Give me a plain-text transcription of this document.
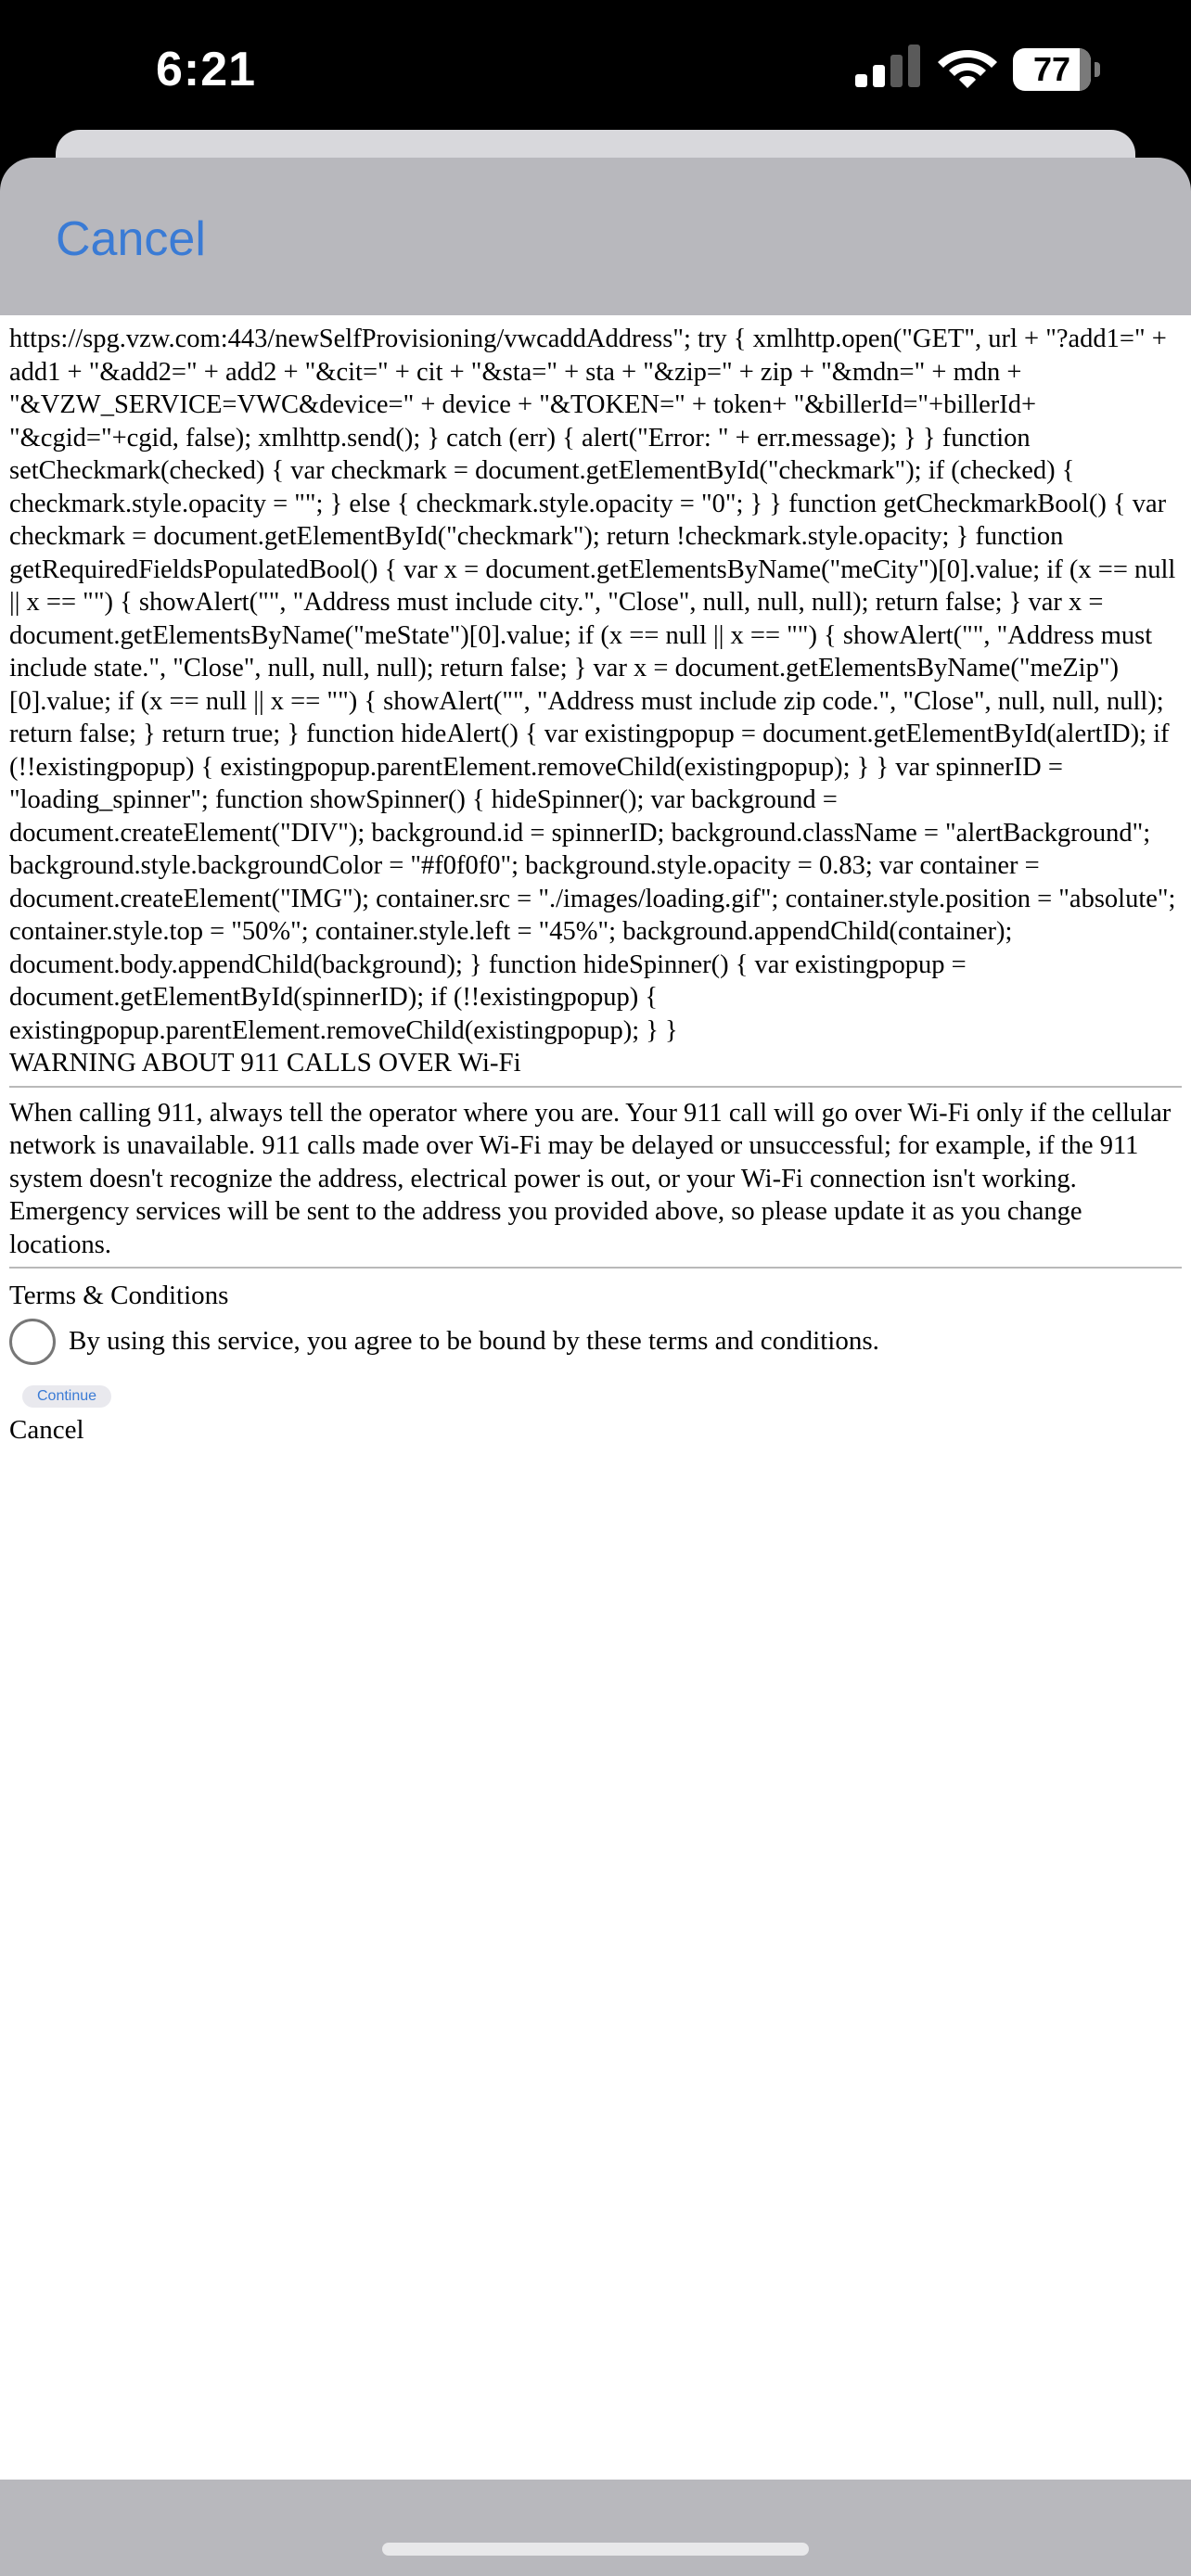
6:21	77
Cancel
https://spg.vzw.com:443/newSelfProvisioning/vwcaddAddress"; try { xmlhttp.open("GET", url + "?add1=" + add1 + "&add2=" + add2 + "&cit=" + cit + "&sta=" + sta + "&zip=" + zip + "&mdn=" + mdn + "&VZW_SERVICE=VWC&device=" + device + "&TOKEN=" + token+ "&billerId="+billerId+ "&cgid="+cgid, false); xmlhttp.send(); } catch (err) { alert("Error: " + err.message); } } function setCheckmark(checked) { var checkmark = document.getElementById("checkmark"); if (checked) { checkmark.style.opacity = ""; } else { checkmark.style.opacity = "0"; } } function getCheckmarkBool() { var checkmark = document.getElementById("checkmark"); return !checkmark.style.opacity; } function getRequiredFieldsPopulatedBool() { var x = document.getElementsByName("meCity")[0].value; if (x == null || x == "") { showAlert("", "Address must include city.", "Close", null, null, null); return false; } var x = document.getElementsByName("meState")[0].value; if (x == null || x == "") { showAlert("", "Address must include state.", "Close", null, null, null); return false; } var x = document.getElementsByName("meZip")[0].value; if (x == null || x == "") { showAlert("", "Address must include zip code.", "Close", null, null, null); return false; } return true; } function hideAlert() { var existingpopup = document.getElementById(alertID); if (!!existingpopup) { existingpopup.parentElement.removeChild(existingpopup); } } var spinnerID = "loading_spinner"; function showSpinner() { hideSpinner(); var background = document.createElement("DIV"); background.id = spinnerID; background.className = "alertBackground"; background.style.backgroundColor = "#f0f0f0"; background.style.opacity = 0.83; var container = document.createElement("IMG"); container.src = "./images/loading.gif"; container.style.position = "absolute"; container.style.top = "50%"; container.style.left = "45%"; background.appendChild(container); document.body.appendChild(background); } function hideSpinner() { var existingpopup = document.getElementById(spinnerID); if (!!existingpopup) { existingpopup.parentElement.removeChild(existingpopup); } }
WARNING ABOUT 911 CALLS OVER Wi-Fi
When calling 911, always tell the operator where you are. Your 911 call will go over Wi-Fi only if the cellular network is unavailable. 911 calls made over Wi-Fi may be delayed or unsuccessful; for example, if the 911 system doesn't recognize the address, electrical power is out, or your Wi-Fi connection isn't working. Emergency services will be sent to the address you provided above, so please update it as you change locations.
Terms & Conditions
By using this service, you agree to be bound by these terms and conditions.
Continue
Cancel
